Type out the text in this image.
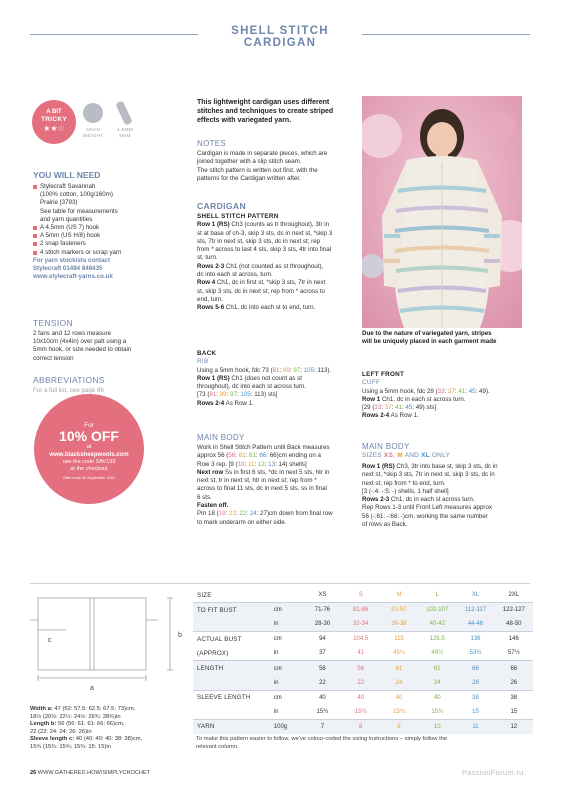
SHELL STITCH CARDIGAN
A BIT
TRICKY
★★☆	ARAN
WEIGHT
4.5MM
5MM
YOU WILL NEED
Stylecraft Savannah
(100% cotton, 100g/160m)
Prairie (3793)
See table for measurements
and yarn quantities
A 4.5mm (US 7) hook
A 5mm (US H/8) hook
2 snap fasteners
4 stitch markers or scrap yarn
For yarn stockists contact
Stylecraft 01484 848435
www.stylecraft-yarns.co.uk
TENSION
2 fans and 12 rows measure
10x10cm (4x4in) over patt using a
5mm hook, or size needed to obtain
correct tension
ABBREVIATIONS
For a full list, see page 86
For
10% OFF
at
www.blacksheepwools.com
use the code SAV139
at the checkout
Offer ends 30 September 2021
This lightweight cardigan uses different
stitches and techniques to create striped
effects with variegated yarn.
NOTES
Cardigan is made in separate pieces, which are
joined together with a slip stitch seam.
The stitch pattern is written out first, with the
patterns for the Cardigan written after.
CARDIGAN
SHELL STITCH PATTERN
Row 1 (RS) Ch3 (counts as tr throughout), 3tr in
st at base of ch-3, skip 3 sts, dc in next st, *skip 3
sts, 7tr in next st, skip 3 sts, dc in next st; rep
from * across to last 4 sts, skip 3 sts, 4tr into final
st, turn.
Rows 2-3 Ch1 (not counted as st throughout),
dc into each st across, turn.
Row 4 Ch1, dc in first st, *skip 3 sts, 7tr in next
st, skip 3 sts, dc in next st; rep from * across to
end, turn.
Rows 5-6 Ch1, dc into each st to end, turn.
BACK
RIB
Using a 5mm hook, fdc 73 (81: 89: 97: 105: 113).
Row 1 (RS) Ch1 (does not count as st
throughout), dc into each st across turn.
[73 (81: 89: 97: 105: 113) sts]
Rows 2-4 As Row 1.
MAIN BODY
Work in Shell Stitch Pattern until Back measures
approx 56 (56: 61: 61: 66: 66)cm ending on a
Row 3 rep. [9 (10: 11: 12: 13: 14) shells]
Next row Ss in first 6 sts, *dc in next 5 sts, htr in
next st, tr in next st, htr in next st; rep from *
across to final 11 sts, dc in next 5 sts, ss in final
6 sts.
Fasten off.
Pm 18 (19: 21: 22: 24: 27)cm down from final row
to mark underarm on either side.
Due to the nature of variegated yarn, stripes
will be uniquely placed in each garment made
LEFT FRONT
CUFF
Using a 5mm hook, fdc 29 (33: 37: 41: 45: 49).
Row 1 Ch1, dc in each st across turn.
[29 (33: 37: 41: 45: 49) sts]
Rows 2-4 As Row 1.
MAIN BODY
SIZES XS, M AND XL ONLY
Row 1 (RS) Ch3, 3tr into base st, skip 3 sts, dc in
next st, *skip 3 sts, 7tr in next st, skip 3 sts, dc in
next st; rep from * to end, turn.
[3 (-:4: -:5: -) shells, 1 half shell]
Rows 2-3 Ch1, dc in each st across turn.
Rep Rows 1-3 until Front Left measures approx
56 (-:61: -:66: -)cm, working the same number
of rows as Back.
a
b
c
Width a: 47 (52: 57.5: 62.5: 67.5: 73)cm,
18½ (20½: 22½: 24½: 26¾: 28¾)in
Length b: 56 (56: 61: 61: 66: 66)cm,
22 (22: 24: 24: 26: 26)in
Sleeve length c: 40 (40: 40: 40: 38: 38)cm,
15¾ (15¾: 15¾: 15¾: 15: 15)in
SIZE		XS	S	M	L	XL	2XL
TO FIT BUST	cm	71-76	81-86	91-97	102-107	112-117	122-127
	in	28-30	32-34	36-38	40-42	44-46	48-50
ACTUAL BUST	cm	94	104.5	115	125.5	136	146
(APPROX)	in	37	41	45¼	49¼	53½	57½
LENGTH	cm	56	56	61	61	66	66
	in	22	22	24	24	26	26
SLEEVE LENGTH	cm	40	40	40	40	38	38
	in	15¾	15¾	15¾	15¾	15	15
YARN	100g	7	8	9	10	11	12
To make this pattern easier to follow, we've colour-coded the sizing instructions – simply follow the
relevant column.
26 WWW.GATHERED.HOW/SIMPLYCROCHET	PassionForum.ru
